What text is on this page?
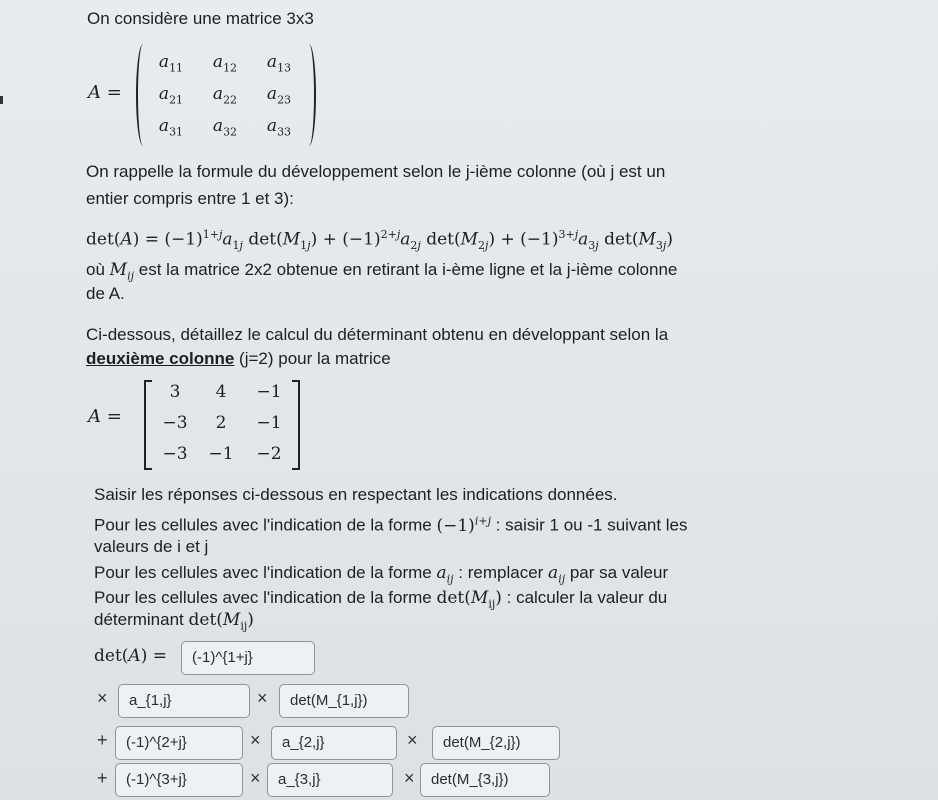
On considère une matrice 3x3
A =
$a_{11}$	$a_{12}$	$a_{13}$
$a_{21}$	$a_{22}$	$a_{23}$
$a_{31}$	$a_{32}$	$a_{33}$
On rappelle la formule du développement selon le j-ième colonne (où j est un
entier compris entre 1 et 3):
$\det(A) = (-1)^{1+j}a_{1j}$ $\det(M_{1j}) + (-1)^{2+j}a_{2j}$ $\det(M_{2j}) + (-1)^{3+j}a_{3j}$ $\det(M_{3j})$
où $M_{ij}$ est la matrice 2x2 obtenue en retirant la i-ème ligne et la j-ième colonne
de A.
Ci-dessous, détaillez le calcul du déterminant obtenu en développant selon la
deuxième colonne (j=2) pour la matrice
A =
3	4	−1
−3	2	−1
−3	−1	−2
Saisir les réponses ci-dessous en respectant les indications données.
Pour les cellules avec l'indication de la forme $(-1)^{i+j}$ : saisir 1 ou -1 suivant les
valeurs de i et j
Pour les cellules avec l'indication de la forme $a_{ij}$ : remplacer $a_{ij}$ par sa valeur
Pour les cellules avec l'indication de la forme $\det(M_{ij})$ : calculer la valeur du
déterminant $\det(M_{ij})$
det(A) =	(-1)^{1+j}
×	a_{1,j}	×	det(M_{1,j})
+	(-1)^{2+j}	×	a_{2,j}	×	det(M_{2,j})
+	(-1)^{3+j}	×	a_{3,j}	×	det(M_{3,j})
